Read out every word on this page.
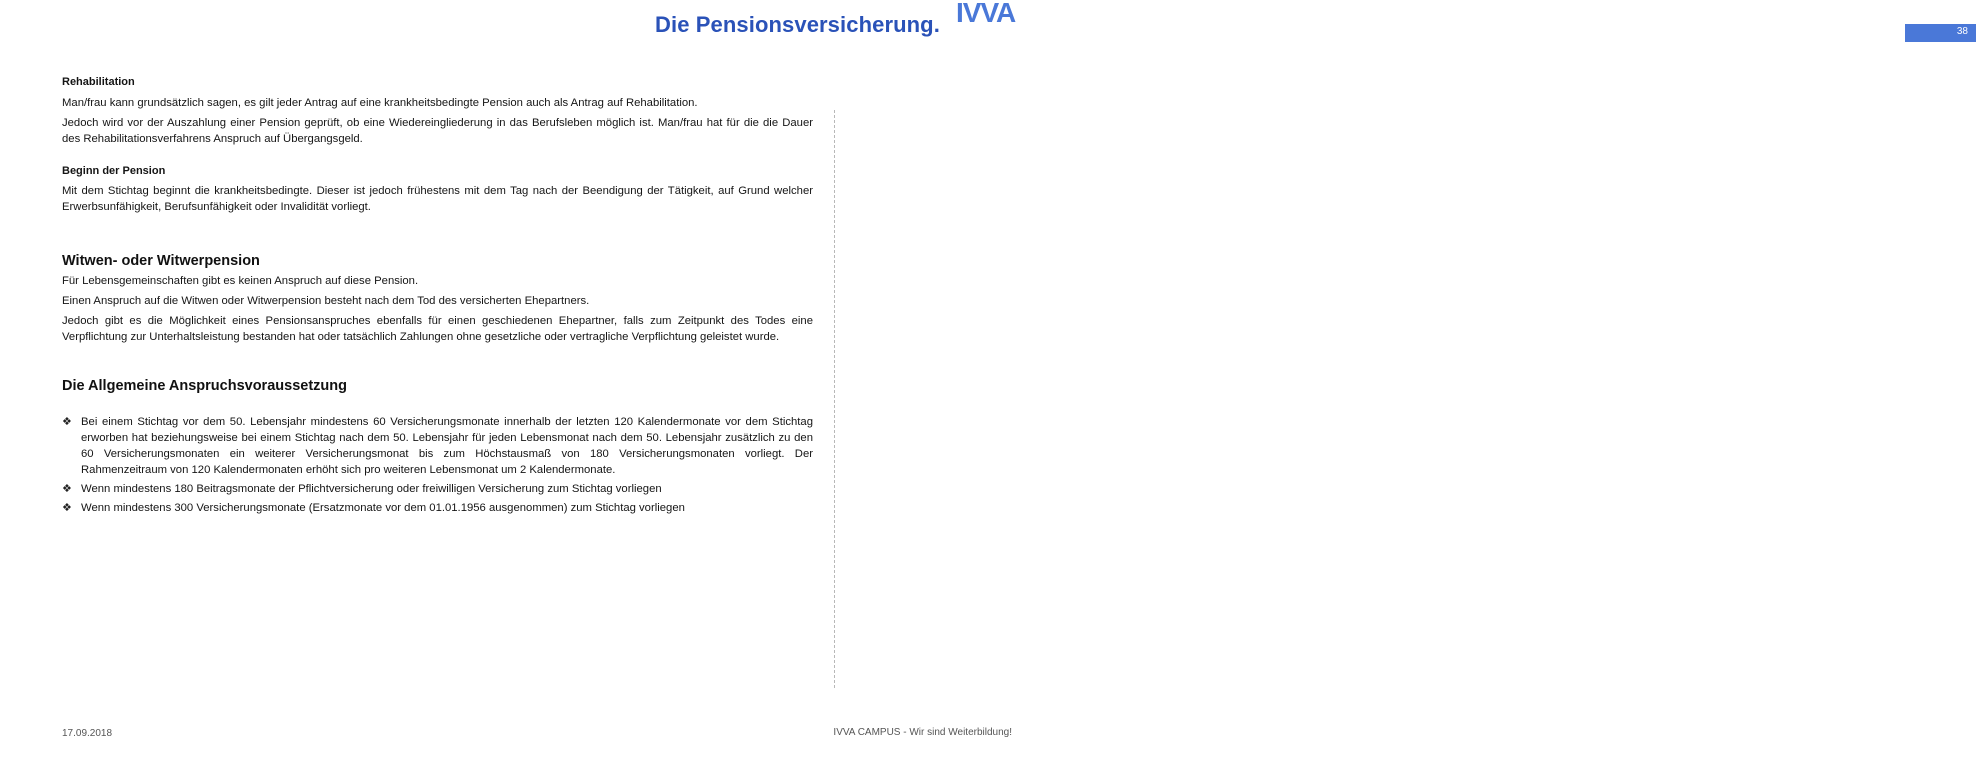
Die Pensionsversicherung.	38
IVVA

Rehabilitation

Man/frau kann grundsätzlich sagen, es gilt jeder Antrag auf eine krankheitsbedingte Pension auch als Antrag auf Rehabilitation.

Jedoch wird vor der Auszahlung einer Pension geprüft, ob eine Wiedereingliederung in das Berufsleben möglich ist. Man/frau hat für die die Dauer des Rehabilitationsverfahrens Anspruch auf Übergangsgeld.

Beginn der Pension

Mit dem Stichtag beginnt die krankheitsbedingte. Dieser ist jedoch frühestens mit dem Tag nach der Beendigung der Tätigkeit, auf Grund welcher Erwerbsunfähigkeit, Berufsunfähigkeit oder Invalidität vorliegt.

Witwen- oder Witwerpension

Für Lebensgemeinschaften gibt es keinen Anspruch auf diese Pension.

Einen Anspruch auf die Witwen oder Witwerpension besteht nach dem Tod des versicherten Ehepartners.

Jedoch gibt es die Möglichkeit eines Pensionsanspruches ebenfalls für einen geschiedenen Ehepartner, falls zum Zeitpunkt des Todes eine Verpflichtung zur Unterhaltsleistung bestanden hat oder tatsächlich Zahlungen ohne gesetzliche oder vertragliche Verpflichtung geleistet wurde.

Die Allgemeine Anspruchsvoraussetzung

❖ Bei einem Stichtag vor dem 50. Lebensjahr mindestens 60 Versicherungsmonate innerhalb der letzten 120 Kalendermonate vor dem Stichtag erworben hat beziehungsweise bei einem Stichtag nach dem 50. Lebensjahr für jeden Lebensmonat nach dem 50. Lebensjahr zusätzlich zu den 60 Versicherungsmonaten ein weiterer Versicherungsmonat bis zum Höchstausmaß von 180 Versicherungsmonaten vorliegt. Der Rahmenzeitraum von 120 Kalendermonaten erhöht sich pro weiteren Lebensmonat um 2 Kalendermonate.
❖ Wenn mindestens 180 Beitragsmonate der Pflichtversicherung oder freiwilligen Versicherung zum Stichtag vorliegen
❖ Wenn mindestens 300 Versicherungsmonate (Ersatzmonate vor dem 01.01.1956 ausgenommen) zum Stichtag vorliegen
17.09.2018	IVVA CAMPUS - Wir sind Weiterbildung!
